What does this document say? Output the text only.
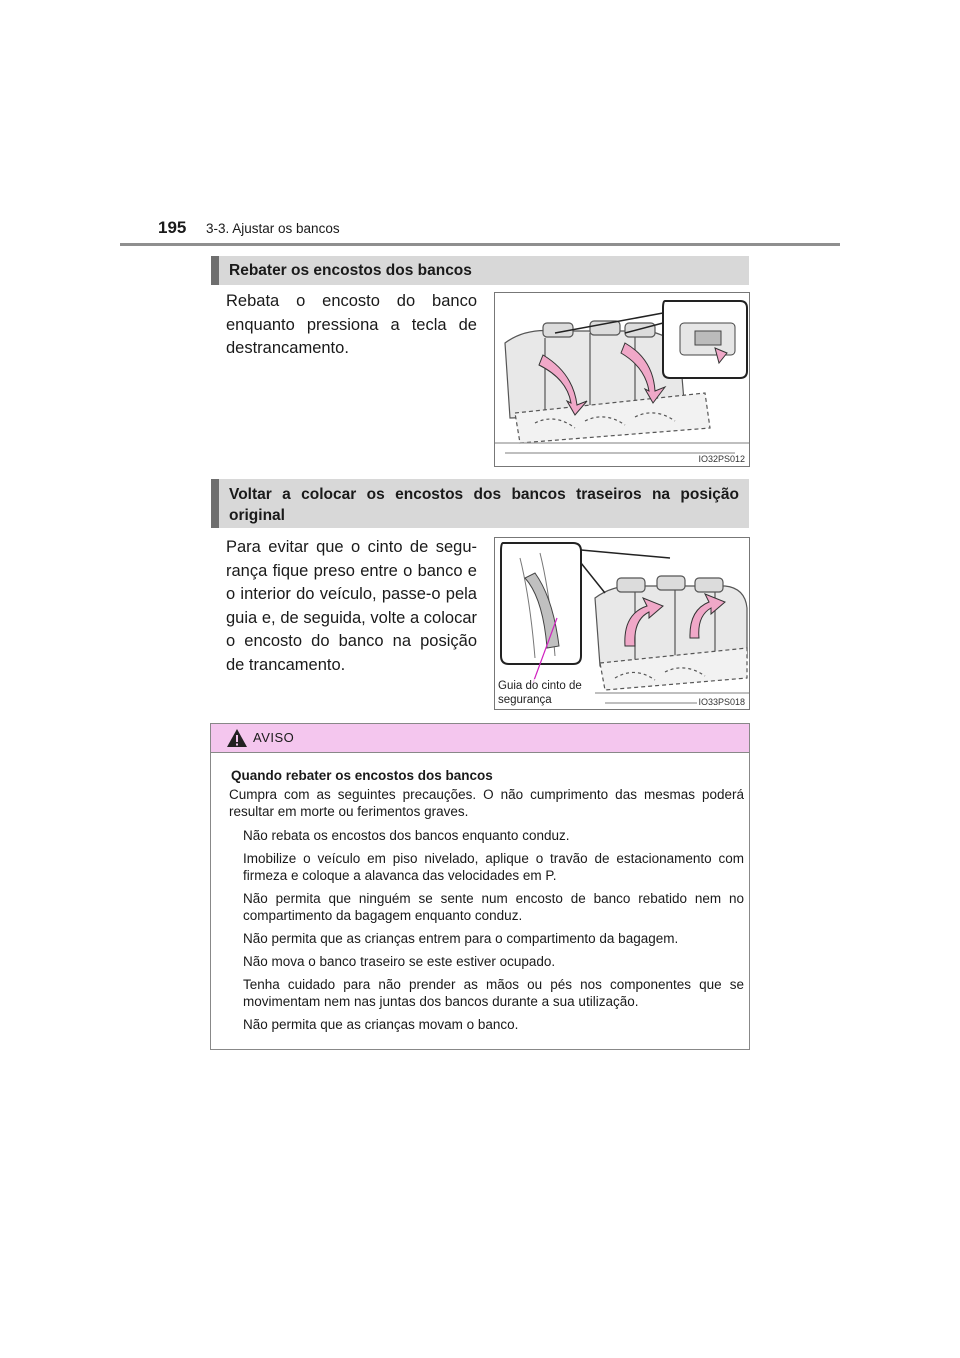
195 3-3. Ajustar os bancos
Rebater os encostos dos bancos
Rebata o encosto do banco enquanto pressiona a tecla de destrancamento.
IO32PS012
Voltar a colocar os encostos dos bancos traseiros na posição original
Para evitar que o cinto de segu-rança fique preso entre o banco e o interior do veículo, passe-o pela guia e, de seguida, volte a colocar o encosto do banco na posição de trancamento.
Guia do cinto de
segurança	IO33PS018
AVISO
Quando rebater os encostos dos bancos
Cumpra com as seguintes precauções. O não cumprimento das mesmas poderá resultar em morte ou ferimentos graves.
Não rebata os encostos dos bancos enquanto conduz.
Imobilize o veículo em piso nivelado, aplique o travão de estacionamento com firmeza e coloque a alavanca das velocidades em P.
Não permita que ninguém se sente num encosto de banco rebatido nem no compartimento da bagagem enquanto conduz.
Não permita que as crianças entrem para o compartimento da bagagem.
Não mova o banco traseiro se este estiver ocupado.
Tenha cuidado para não prender as mãos ou pés nos componentes que se movimentam nem nas juntas dos bancos durante a sua utilização.
Não permita que as crianças movam o banco.
